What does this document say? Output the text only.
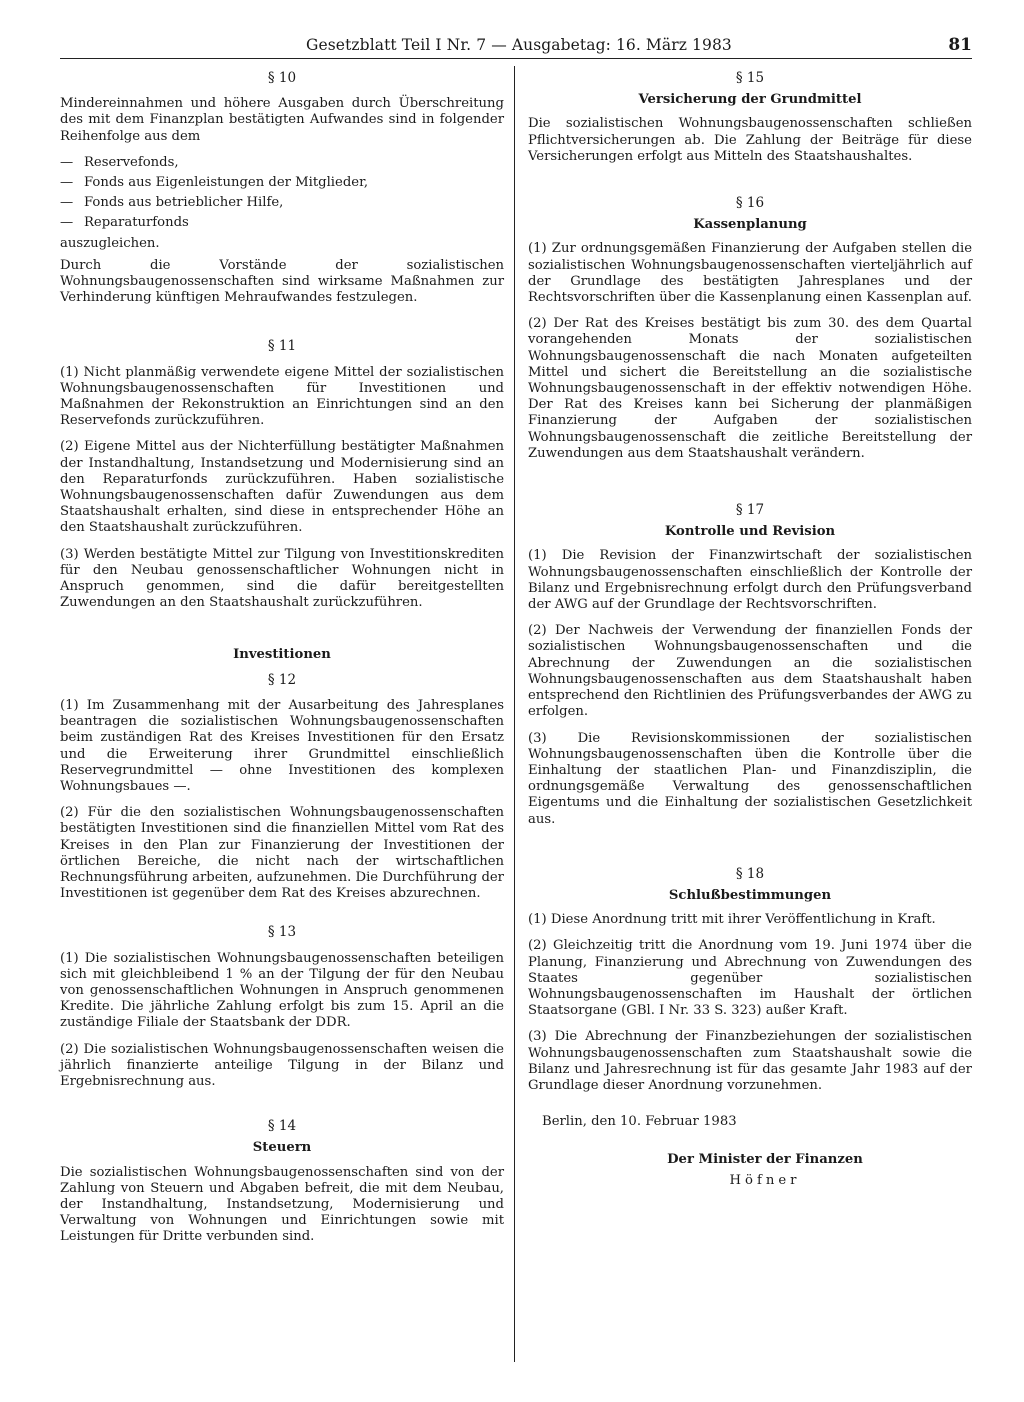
Gesetzblatt Teil I Nr. 7 — Ausgabetag: 16. März 1983	81
§ 10

Mindereinnahmen und höhere Ausgaben durch Überschreitung des mit dem Finanzplan bestätigten Aufwandes sind in folgender Reihenfolge aus dem

— Reservefonds,
— Fonds aus Eigenleistungen der Mitglieder,
— Fonds aus betrieblicher Hilfe,
— Reparaturfonds

auszugleichen.

Durch die Vorstände der sozialistischen Wohnungsbaugenossenschaften sind wirksame Maßnahmen zur Verhinderung künftigen Mehraufwandes festzulegen.

§ 11

(1) Nicht planmäßig verwendete eigene Mittel der sozialistischen Wohnungsbaugenossenschaften für Investitionen und Maßnahmen der Rekonstruktion an Einrichtungen sind an den Reservefonds zurückzuführen.

(2) Eigene Mittel aus der Nichterfüllung bestätigter Maßnahmen der Instandhaltung, Instandsetzung und Modernisierung sind an den Reparaturfonds zurückzuführen. Haben sozialistische Wohnungsbaugenossenschaften dafür Zuwendungen aus dem Staatshaushalt erhalten, sind diese in entsprechender Höhe an den Staatshaushalt zurückzuführen.

(3) Werden bestätigte Mittel zur Tilgung von Investitionskrediten für den Neubau genossenschaftlicher Wohnungen nicht in Anspruch genommen, sind die dafür bereitgestellten Zuwendungen an den Staatshaushalt zurückzuführen.

Investitionen
§ 12

(1) Im Zusammenhang mit der Ausarbeitung des Jahresplanes beantragen die sozialistischen Wohnungsbaugenossenschaften beim zuständigen Rat des Kreises Investitionen für den Ersatz und die Erweiterung ihrer Grundmittel einschließlich Reservegrundmittel — ohne Investitionen des komplexen Wohnungsbaues —.

(2) Für die den sozialistischen Wohnungsbaugenossenschaften bestätigten Investitionen sind die finanziellen Mittel vom Rat des Kreises in den Plan zur Finanzierung der Investitionen der örtlichen Bereiche, die nicht nach der wirtschaftlichen Rechnungsführung arbeiten, aufzunehmen. Die Durchführung der Investitionen ist gegenüber dem Rat des Kreises abzurechnen.

§ 13

(1) Die sozialistischen Wohnungsbaugenossenschaften beteiligen sich mit gleichbleibend 1 % an der Tilgung der für den Neubau von genossenschaftlichen Wohnungen in Anspruch genommenen Kredite. Die jährliche Zahlung erfolgt bis zum 15. April an die zuständige Filiale der Staatsbank der DDR.

(2) Die sozialistischen Wohnungsbaugenossenschaften weisen die jährlich finanzierte anteilige Tilgung in der Bilanz und Ergebnisrechnung aus.

§ 14
Steuern

Die sozialistischen Wohnungsbaugenossenschaften sind von der Zahlung von Steuern und Abgaben befreit, die mit dem Neubau, der Instandhaltung, Instandsetzung, Modernisierung und Verwaltung von Wohnungen und Einrichtungen sowie mit Leistungen für Dritte verbunden sind.

§ 15
Versicherung der Grundmittel

Die sozialistischen Wohnungsbaugenossenschaften schließen Pflichtversicherungen ab. Die Zahlung der Beiträge für diese Versicherungen erfolgt aus Mitteln des Staatshaushaltes.

§ 16
Kassenplanung

(1) Zur ordnungsgemäßen Finanzierung der Aufgaben stellen die sozialistischen Wohnungsbaugenossenschaften vierteljährlich auf der Grundlage des bestätigten Jahresplanes und der Rechtsvorschriften über die Kassenplanung einen Kassenplan auf.

(2) Der Rat des Kreises bestätigt bis zum 30. des dem Quartal vorangehenden Monats der sozialistischen Wohnungsbaugenossenschaft die nach Monaten aufgeteilten Mittel und sichert die Bereitstellung an die sozialistische Wohnungsbaugenossenschaft in der effektiv notwendigen Höhe. Der Rat des Kreises kann bei Sicherung der planmäßigen Finanzierung der Aufgaben der sozialistischen Wohnungsbaugenossenschaft die zeitliche Bereitstellung der Zuwendungen aus dem Staatshaushalt verändern.

§ 17
Kontrolle und Revision

(1) Die Revision der Finanzwirtschaft der sozialistischen Wohnungsbaugenossenschaften einschließlich der Kontrolle der Bilanz und Ergebnisrechnung erfolgt durch den Prüfungsverband der AWG auf der Grundlage der Rechtsvorschriften.

(2) Der Nachweis der Verwendung der finanziellen Fonds der sozialistischen Wohnungsbaugenossenschaften und die Abrechnung der Zuwendungen an die sozialistischen Wohnungsbaugenossenschaften aus dem Staatshaushalt haben entsprechend den Richtlinien des Prüfungsverbandes der AWG zu erfolgen.

(3) Die Revisionskommissionen der sozialistischen Wohnungsbaugenossenschaften üben die Kontrolle über die Einhaltung der staatlichen Plan- und Finanzdisziplin, die ordnungsgemäße Verwaltung des genossenschaftlichen Eigentums und die Einhaltung der sozialistischen Gesetzlichkeit aus.

§ 18
Schlußbestimmungen

(1) Diese Anordnung tritt mit ihrer Veröffentlichung in Kraft.

(2) Gleichzeitig tritt die Anordnung vom 19. Juni 1974 über die Planung, Finanzierung und Abrechnung von Zuwendungen des Staates gegenüber sozialistischen Wohnungsbaugenossenschaften im Haushalt der örtlichen Staatsorgane (GBl. I Nr. 33 S. 323) außer Kraft.

(3) Die Abrechnung der Finanzbeziehungen der sozialistischen Wohnungsbaugenossenschaften zum Staatshaushalt sowie die Bilanz und Jahresrechnung ist für das gesamte Jahr 1983 auf der Grundlage dieser Anordnung vorzunehmen.

Berlin, den 10. Februar 1983

Der Minister der Finanzen
Höfner
